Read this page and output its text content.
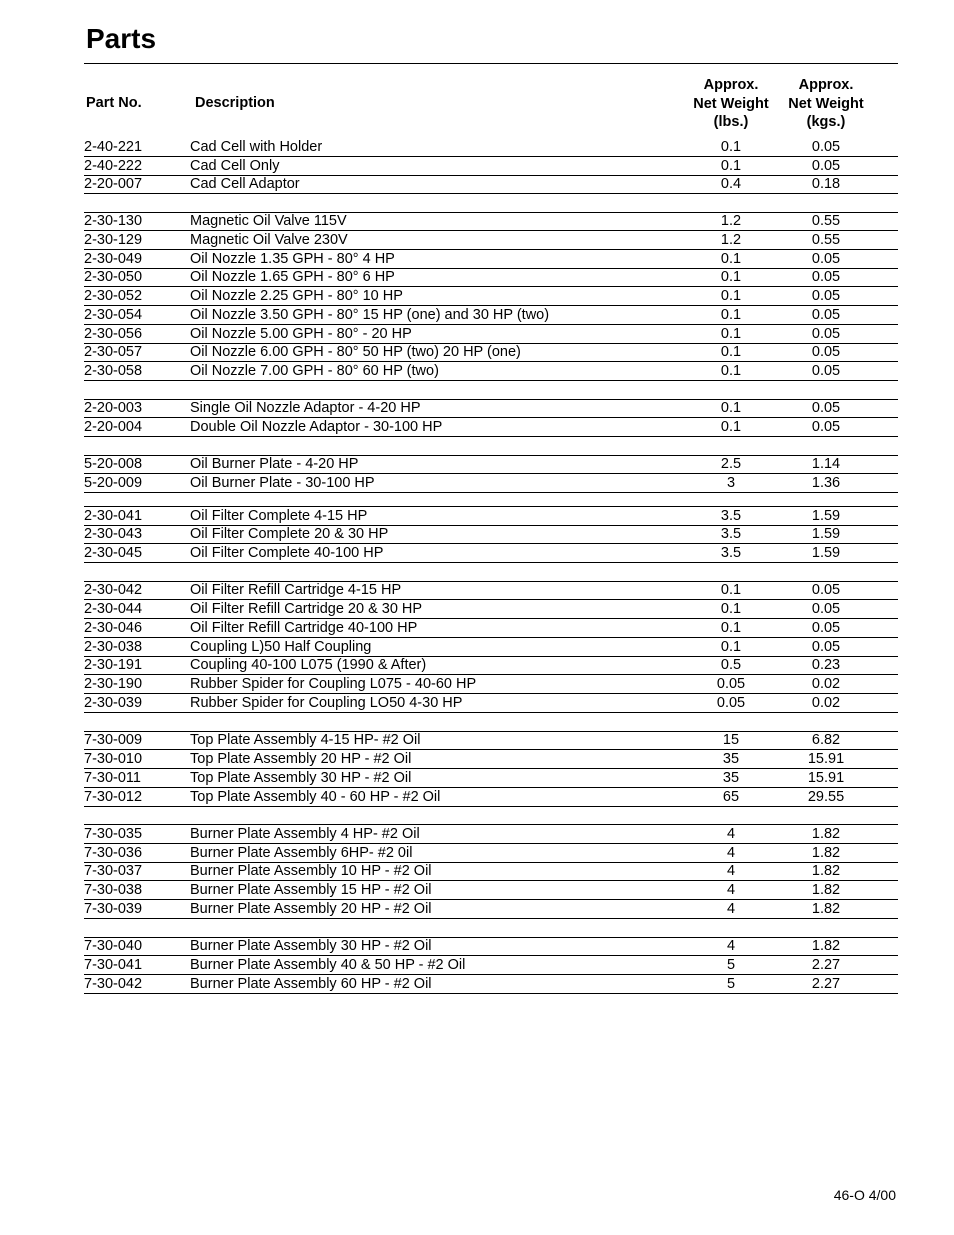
Parts
Part No.	Description
Approx.
Net Weight
(lbs.)
Approx.
Net Weight
(kgs.)
2-40-221	Cad Cell with Holder	0.1	0.05
2-40-222	Cad Cell Only	0.1	0.05
2-20-007	Cad Cell Adaptor	0.4	0.18
2-30-130	Magnetic Oil Valve 115V	1.2	0.55
2-30-129	Magnetic Oil Valve 230V	1.2	0.55
2-30-049	Oil Nozzle 1.35 GPH - 80° 4 HP	0.1	0.05
2-30-050	Oil Nozzle 1.65 GPH - 80° 6 HP	0.1	0.05
2-30-052	Oil Nozzle 2.25 GPH - 80° 10 HP	0.1	0.05
2-30-054	Oil Nozzle 3.50 GPH - 80° 15 HP (one) and 30 HP (two)	0.1	0.05
2-30-056	Oil Nozzle 5.00 GPH - 80° - 20 HP	0.1	0.05
2-30-057	Oil Nozzle 6.00 GPH - 80° 50 HP (two) 20 HP (one)	0.1	0.05
2-30-058	Oil Nozzle 7.00 GPH - 80° 60 HP (two)	0.1	0.05
2-20-003	Single Oil Nozzle Adaptor - 4-20 HP	0.1	0.05
2-20-004	Double Oil Nozzle Adaptor - 30-100 HP	0.1	0.05
5-20-008	Oil Burner Plate - 4-20 HP	2.5	1.14
5-20-009	Oil Burner Plate - 30-100 HP	3	1.36
2-30-041	Oil Filter Complete 4-15 HP	3.5	1.59
2-30-043	Oil Filter Complete 20 & 30 HP	3.5	1.59
2-30-045	Oil Filter Complete 40-100 HP	3.5	1.59
2-30-042	Oil Filter Refill Cartridge 4-15 HP	0.1	0.05
2-30-044	Oil Filter Refill Cartridge 20 & 30 HP	0.1	0.05
2-30-046	Oil Filter Refill Cartridge 40-100 HP	0.1	0.05
2-30-038	Coupling L)50 Half Coupling	0.1	0.05
2-30-191	Coupling 40-100 L075 (1990 & After)	0.5	0.23
2-30-190	Rubber Spider for Coupling L075 - 40-60 HP	0.05	0.02
2-30-039	Rubber Spider for Coupling LO50 4-30 HP	0.05	0.02
7-30-009	Top Plate Assembly 4-15 HP- #2 Oil	15	6.82
7-30-010	Top Plate Assembly 20 HP - #2 Oil	35	15.91
7-30-011	Top Plate Assembly 30 HP - #2 Oil	35	15.91
7-30-012	Top Plate Assembly 40 - 60 HP - #2 Oil	65	29.55
7-30-035	Burner Plate Assembly 4 HP- #2 Oil	4	1.82
7-30-036	Burner Plate Assembly 6HP- #2 0il	4	1.82
7-30-037	Burner Plate Assembly 10 HP - #2 Oil	4	1.82
7-30-038	Burner Plate Assembly 15 HP - #2 Oil	4	1.82
7-30-039	Burner Plate Assembly 20 HP - #2 Oil	4	1.82
7-30-040	Burner Plate Assembly 30 HP - #2 Oil	4	1.82
7-30-041	Burner Plate Assembly 40 & 50 HP - #2 Oil	5	2.27
7-30-042	Burner Plate Assembly 60 HP - #2 Oil	5	2.27
46-O 4/00
